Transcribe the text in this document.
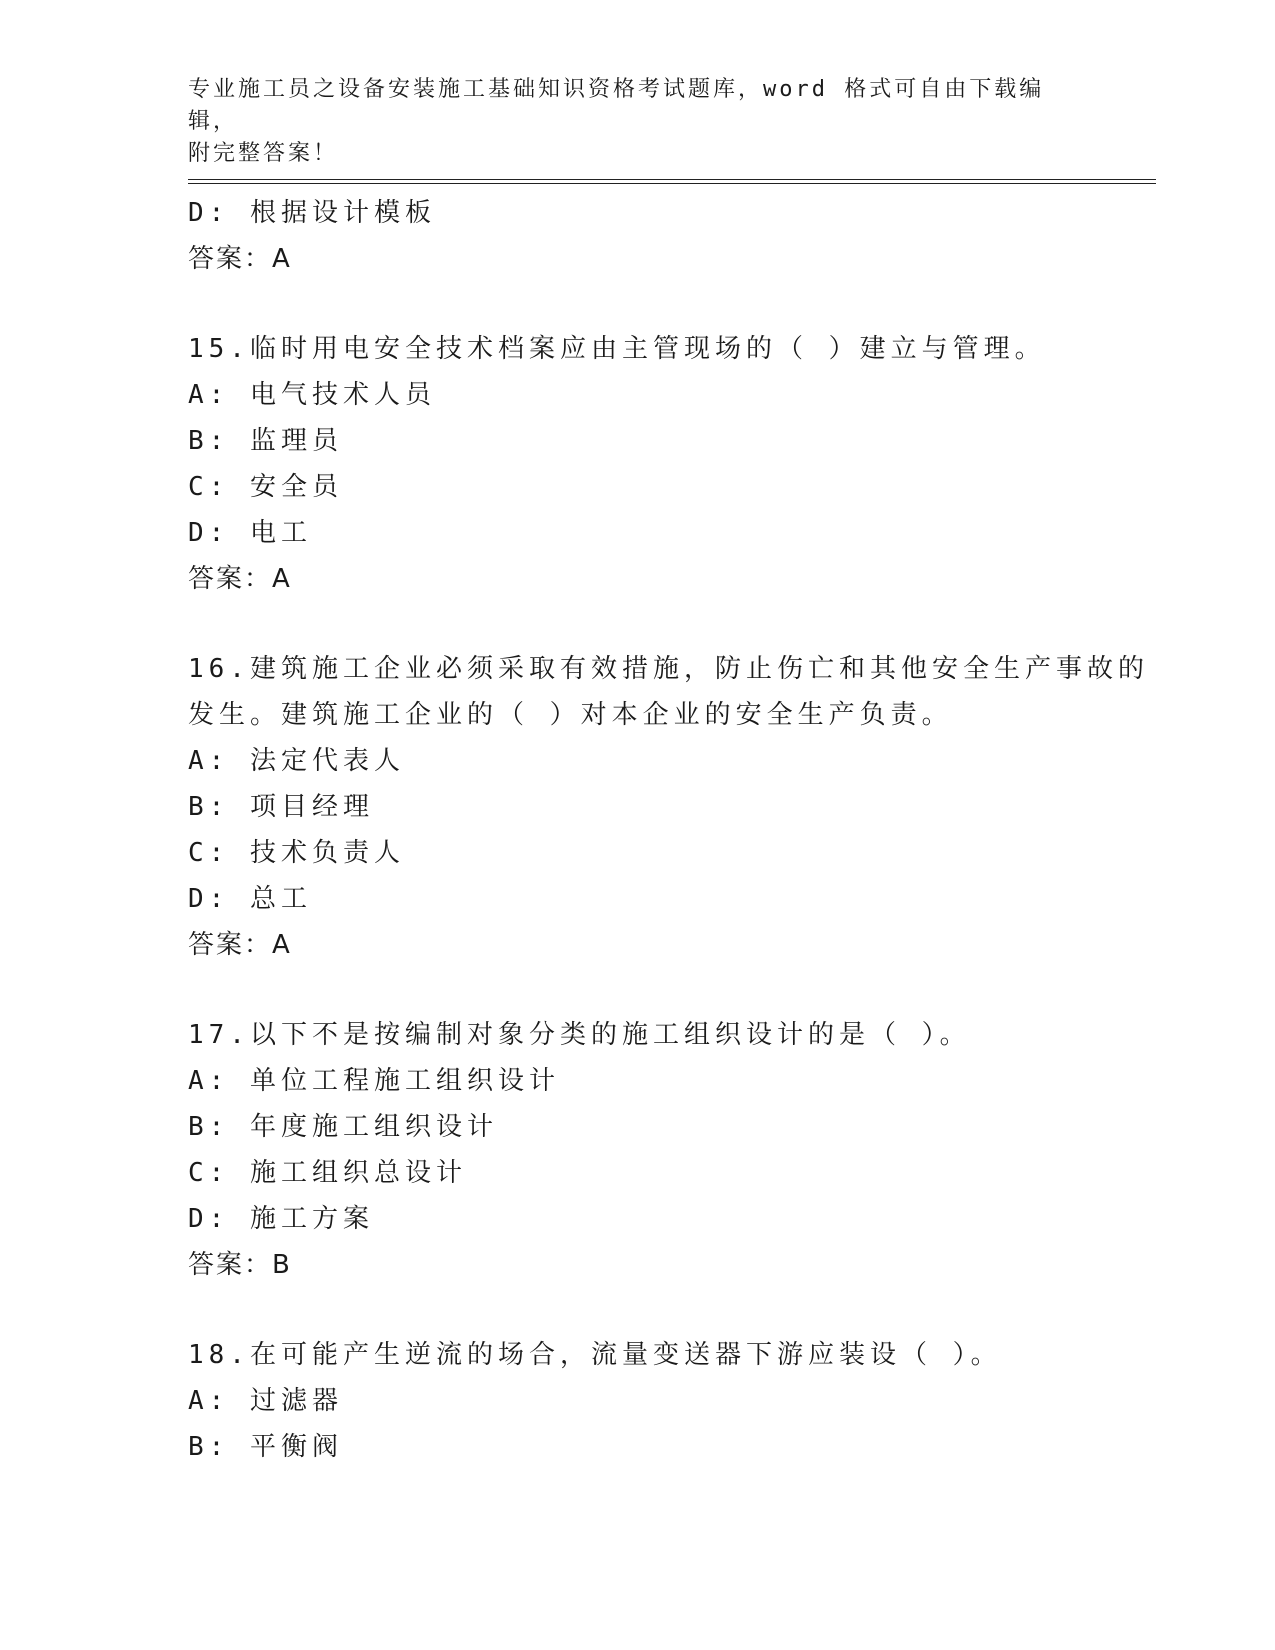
专业施工员之设备安装施工基础知识资格考试题库，word 格式可自由下载编辑，
附完整答案！
D: 根据设计模板
答案：A
15.临时用电安全技术档案应由主管现场的（ ）建立与管理。
A: 电气技术人员
B: 监理员
C: 安全员
D: 电工
答案：A
16.建筑施工企业必须采取有效措施，防止伤亡和其他安全生产事故的
发生。建筑施工企业的（ ）对本企业的安全生产负责。
A: 法定代表人
B: 项目经理
C: 技术负责人
D: 总工
答案：A
17.以下不是按编制对象分类的施工组织设计的是（ ）。
A: 单位工程施工组织设计
B: 年度施工组织设计
C: 施工组织总设计
D: 施工方案
答案：B
18.在可能产生逆流的场合，流量变送器下游应装设（ ）。
A: 过滤器
B: 平衡阀
